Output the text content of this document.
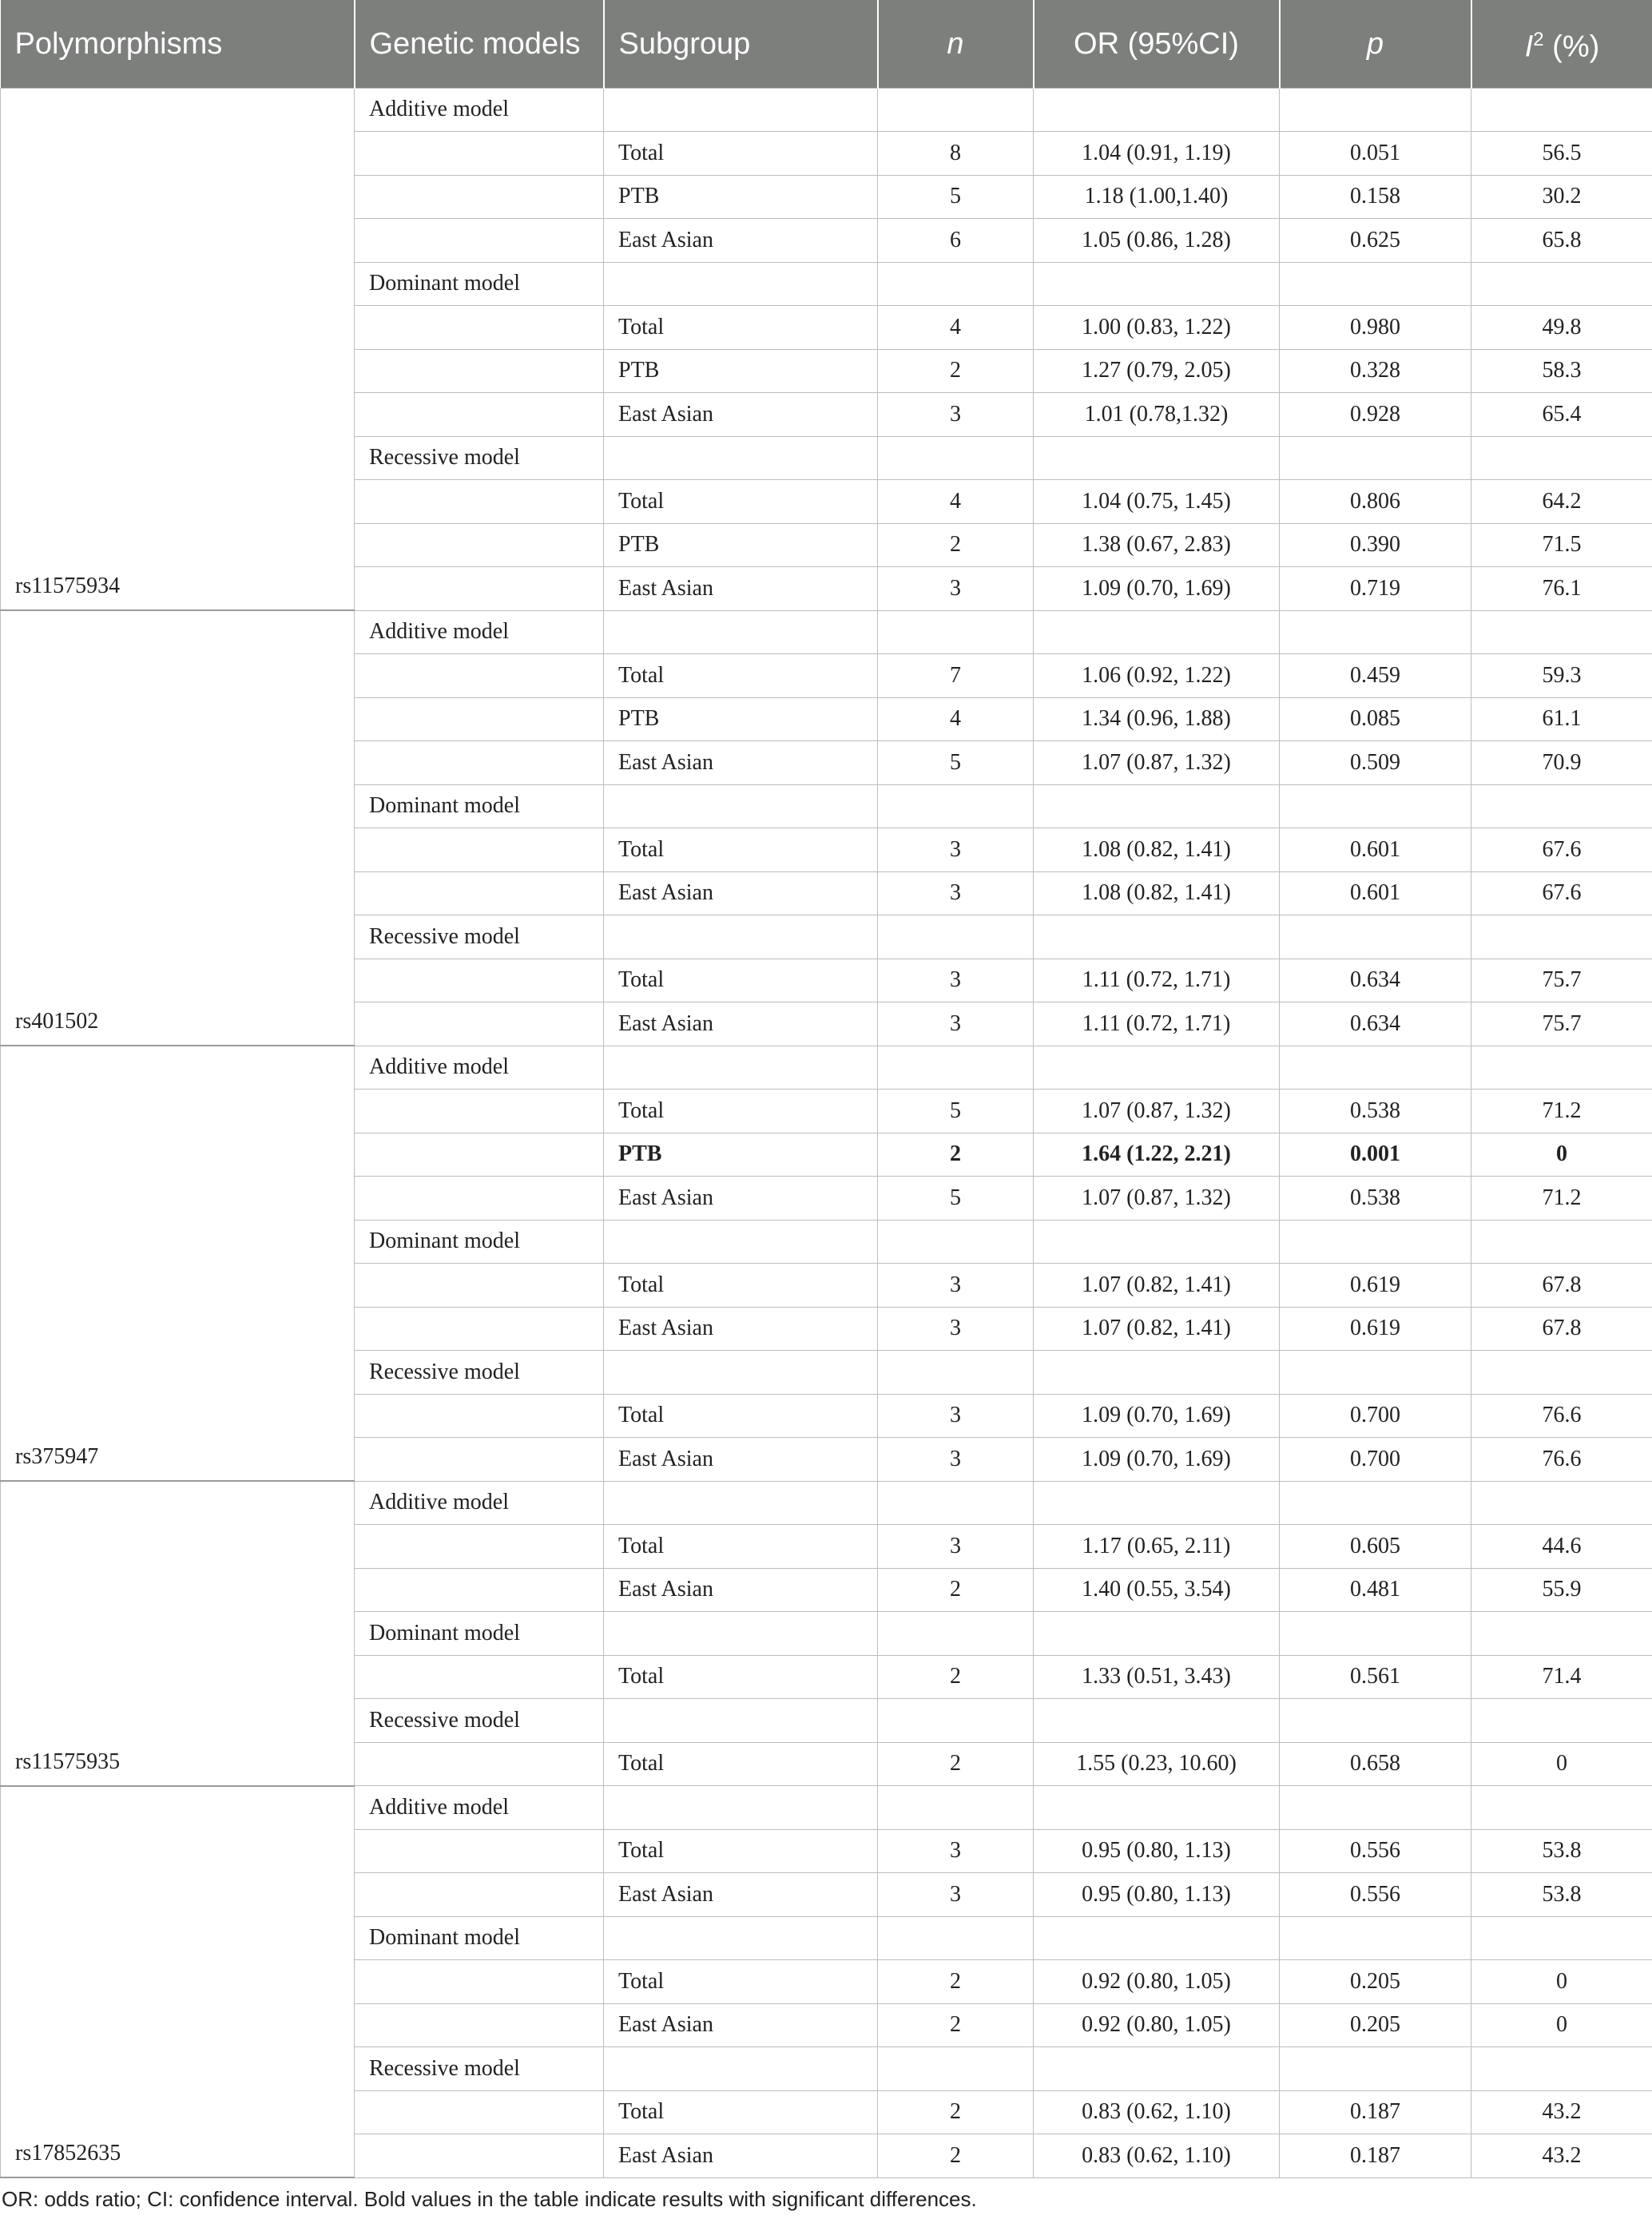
Polymorphisms	Genetic models	Subgroup	n	OR (95%CI)	p	$I^2$ (%)
rs11575934	Additive model					
		Total	8	1.04 (0.91, 1.19)	0.051	56.5
		PTB	5	1.18 (1.00,1.40)	0.158	30.2
		East Asian	6	1.05 (0.86, 1.28)	0.625	65.8
	Dominant model					
		Total	4	1.00 (0.83, 1.22)	0.980	49.8
		PTB	2	1.27 (0.79, 2.05)	0.328	58.3
		East Asian	3	1.01 (0.78,1.32)	0.928	65.4
	Recessive model					
		Total	4	1.04 (0.75, 1.45)	0.806	64.2
		PTB	2	1.38 (0.67, 2.83)	0.390	71.5
		East Asian	3	1.09 (0.70, 1.69)	0.719	76.1
rs401502	Additive model					
		Total	7	1.06 (0.92, 1.22)	0.459	59.3
		PTB	4	1.34 (0.96, 1.88)	0.085	61.1
		East Asian	5	1.07 (0.87, 1.32)	0.509	70.9
	Dominant model					
		Total	3	1.08 (0.82, 1.41)	0.601	67.6
		East Asian	3	1.08 (0.82, 1.41)	0.601	67.6
	Recessive model					
		Total	3	1.11 (0.72, 1.71)	0.634	75.7
		East Asian	3	1.11 (0.72, 1.71)	0.634	75.7
rs375947	Additive model					
		Total	5	1.07 (0.87, 1.32)	0.538	71.2
		PTB	2	1.64 (1.22, 2.21)	0.001	0
		East Asian	5	1.07 (0.87, 1.32)	0.538	71.2
	Dominant model					
		Total	3	1.07 (0.82, 1.41)	0.619	67.8
		East Asian	3	1.07 (0.82, 1.41)	0.619	67.8
	Recessive model					
		Total	3	1.09 (0.70, 1.69)	0.700	76.6
		East Asian	3	1.09 (0.70, 1.69)	0.700	76.6
rs11575935	Additive model					
		Total	3	1.17 (0.65, 2.11)	0.605	44.6
		East Asian	2	1.40 (0.55, 3.54)	0.481	55.9
	Dominant model					
		Total	2	1.33 (0.51, 3.43)	0.561	71.4
	Recessive model					
		Total	2	1.55 (0.23, 10.60)	0.658	0
rs17852635	Additive model					
		Total	3	0.95 (0.80, 1.13)	0.556	53.8
		East Asian	3	0.95 (0.80, 1.13)	0.556	53.8
	Dominant model					
		Total	2	0.92 (0.80, 1.05)	0.205	0
		East Asian	2	0.92 (0.80, 1.05)	0.205	0
	Recessive model					
		Total	2	0.83 (0.62, 1.10)	0.187	43.2
		East Asian	2	0.83 (0.62, 1.10)	0.187	43.2
OR: odds ratio; CI: confidence interval. Bold values in the table indicate results with significant differences.
